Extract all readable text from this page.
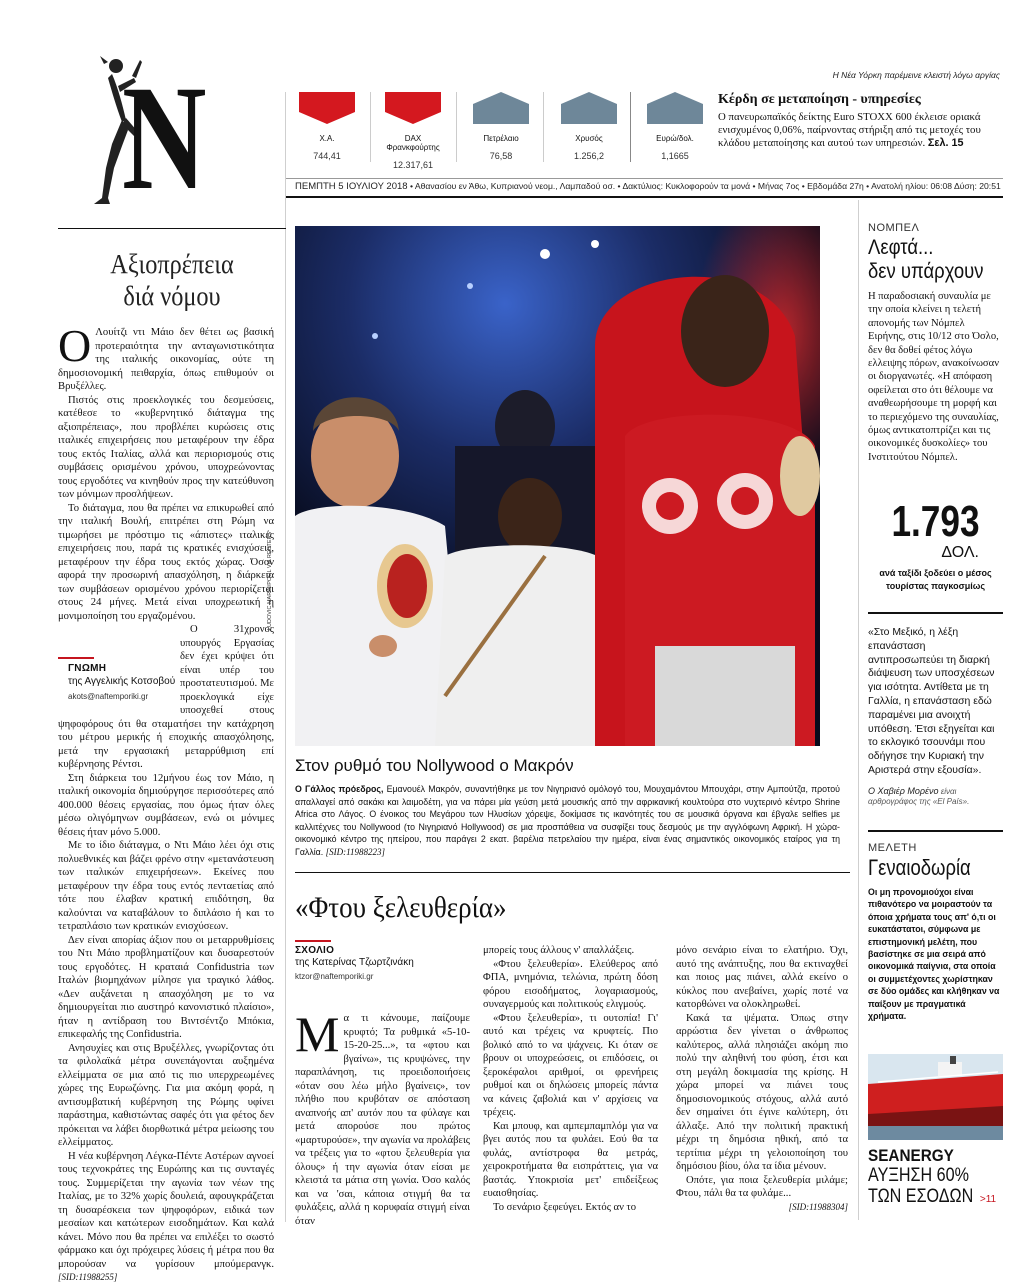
N	Η Νέα Υόρκη παρέμεινε κλειστή λόγω αργίας
Χ.Α.
744,41
DAX Φρανκφούρτης
12.317,61
Πετρέλαιο
76,58
Χρυσός
1.256,2
Ευρώ/δολ.
1,1665
Κέρδη σε μεταποίηση - υπηρεσίες
Ο πανευρωπαϊκός δείκτης Euro STOXX 600 έκλεισε οριακά ενισχυμένος 0,06%, παίρνοντας στήριξη από τις μετοχές του κλάδου μεταποίησης και αυτού των υπηρεσιών. Σελ. 15
ΠΕΜΠΤΗ 5 ΙΟΥΛΙΟΥ 2018 • Αθανασίου εν Άθω, Κυπριανού νεομ., Λαμπαδού οσ. • Δακτύλιος: Κυκλοφορούν τα μονά • Μήνας 7ος • Εβδομάδα 27η • Ανατολή ηλίου: 06:08 Δύση: 20:51
Αξιοπρέπεια
διά νόμου

O Λουίτζι ντι Μάιο δεν θέτει ως βασική προτεραιότητα την ανταγωνιστικότητα της ιταλικής οικονομίας, ούτε τη δημοσιονομική πειθαρχία, όπως επιθυμούν οι Βρυξέλλες.

Πιστός στις προεκλογικές του δεσμεύσεις, κατέθεσε το «κυβερνητικό διάταγμα της αξιοπρέπειας», που προβλέπει κυρώσεις στις ιταλικές επιχειρήσεις που μεταφέρουν την έδρα τους εκτός Ιταλίας, αλλά και περιορισμούς στις συμβάσεις ορισμένου χρόνου, υποχρεώνοντας τους εργοδότες να κινηθούν προς την κατεύθυνση των μόνιμων προσλήψεων.

Το διάταγμα, που θα πρέπει να επικυρωθεί από την ιταλική Βουλή, επιτρέπει στη Ρώμη να τιμωρήσει με πρόστιμο τις «άπιστες» ιταλικές επιχειρήσεις που, παρά τις κρατικές ενισχύσεις, μεταφέρουν την έδρα τους εκτός χώρας. Όσον αφορά την προσωρινή απασχόληση, η διάρκεια των συμβάσεων ορισμένου χρόνου περιορίζεται στους 24 μήνες. Μετά είναι υποχρεωτική η μονιμοποίηση του εργαζομένου.

ΓΝΩΜΗ
της Αγγελικής Κοτσοβού
akots@naftemporiki.gr
Ο 31χρονος υπουργός Εργασίας δεν έχει κρύψει ότι είναι υπέρ του προστατευτισμού. Με προεκλογικά είχε υποσχεθεί στους ψηφοφόρους ότι θα σταματήσει την κατάχρηση του μέτρου μερικής ή εποχικής απασχόλησης, μετά την εργασιακή μεταρρύθμιση επί κυβέρνησης Ρέντσι.

Στη διάρκεια του 12μήνου έως τον Μάιο, η ιταλική οικονομία δημιούργησε περισσότερες από 400.000 θέσεις εργασίας, που όμως ήταν όλες μέσω ολιγόμηνων συμβάσεων, ενώ οι μόνιμες θέσεις ήταν μόνο 5.000.

Με το ίδιο διάταγμα, ο Ντι Μάιο λέει όχι στις πολυεθνικές και βάζει φρένο στην «μετανάστευση των ιταλικών επιχειρήσεων». Εκείνες που μεταφέρουν την έδρα τους εντός πενταετίας από τότε που έλαβαν κρατική επιδότηση, θα καλούνται να καταβάλουν το διπλάσιο ή και το τετραπλάσιο των κρατικών ενισχύσεων.

Δεν είναι απορίας άξιον που οι μεταρρυθμίσεις του Ντι Μάιο προβληματίζουν και δυσαρεστούν τους εργοδότες. Η κραταιά Confidustria των Ιταλών βιομηχάνων μίλησε για τραγικό λάθος. «Δεν αυξάνεται η απασχόληση με το να δημιουργείται πιο αυστηρό κανονιστικό πλαίσιο», ήταν η αντίδραση του Βιντσέντζο Μπόκια, επικεφαλής της Confidustria.

Ανησυχίες και στις Βρυξέλλες, γνωρίζοντας ότι τα φιλολαϊκά μέτρα συνεπάγονται αυξημένα ελλείμματα σε μια από τις πιο υπερχρεωμένες χώρες της Ευρωζώνης. Για μια ακόμη φορά, η αντισυμβατική κυβέρνηση της Ρώμης υφίνει παράστημα, καθιστώντας σαφές ότι για φέτος δεν πρόκειται να λάβει διορθωτικά μέτρα μείωσης του ελλείμματος.

Η νέα κυβέρνηση Λέγκα-Πέντε Αστέρων αγνοεί τους τεχνοκράτες της Ευρώπης και τις συνταγές τους. Συμμερίζεται την αγωνία των νέων της Ιταλίας, με το 32% χωρίς δουλειά, αφουγκράζεται τη δυσαρέσκεια των ψηφοφόρων, ειδικά των μεσαίων και κατώτερων εισοδημάτων. Και καλά κάνει. Μόνο που θα πρέπει να επιλέξει το σωστό φάρμακο και όχι πρόχειρες λύσεις ή μέτρα που θα μπορούσαν να γυρίσουν μπούμερανγκ. [SID:11988255]

LUDOVIC MARIN/POOL VIA REUTERS
Στον ρυθμό του Nollywood ο Μακρόν
Ο Γάλλος πρόεδρος, Εμανουέλ Μακρόν, συναντήθηκε με τον Νιγηριανό ομόλογό του, Μουχαμάντου Μπουχάρι, στην Αμπούτζα, προτού απαλλαγεί από σακάκι και λαιμοδέτη, για να πάρει μία γεύση μετά μουσικής από την αφρικανική κουλτούρα στο νυχτερινό κέντρο Shrine Africa στο Λάγος. Ο ένοικος του Μεγάρου των Ηλυσίων χόρεψε, δοκίμασε τις ικανότητές του σε μουσικά όργανα και έβγαλε selfies με καλλιτέχνες του Nollywood (το Νιγηριανό Hollywood) σε μια προσπάθεια να συσφίξει τους δεσμούς με την αγγλόφωνη Αφρική. Η χώρα-οικονομικό κέντρο της ηπείρου, που παράγει 2 εκατ. βαρέλια πετρελαίου την ημέρα, είναι ένας σημαντικός οικονομικός εταίρος για τη Γαλλία. [SID:11988223]
«Φτου ξελευθερία»
ΣΧΟΛΙΟ
της Κατερίνας Τζωρτζινάκη
ktzor@naftemporiki.gr

Mα τι κάνουμε, παίζουμε κρυφτό; Τα ρυθμικά «5-10-15-20-25...», τα «φτου και βγαίνω», τις κρυψώνες, την παραπλάνηση, τις προειδοποιήσεις «όταν σου λέω μήλο βγαίνεις», τον πλήθιο που κρυβόταν σε απόσταση αναπνοής απ' αυτόν που τα φύλαγε και μετά απορούσε που πρώτος «μαρτυρούσε», την αγωνία να προλάβεις να τρέξεις για το «φτου ξελευθερία για όλους» ή την αγωνία όταν είσαι με κλειστά τα μάτια στη γωνία. Όσο καλός και να 'σαι, κάποια στιγμή θα τα φυλάξεις, αλλά η κορυφαία στιγμή είναι όταν

μπορείς τους άλλους ν' απαλλάξεις.

«Φτου ξελευθερία». Ελεύθερος από ΦΠΑ, μνημόνια, τελώνια, πρώτη δόση φόρου εισοδήματος, λογαριασμούς, συναγερμούς και πολιτικούς ελιγμούς.

«Φτου ξελευθερία», τι ουτοπία! Γι' αυτό και τρέχεις να κρυφτείς. Πιο βολικό από το να ψάχνεις. Κι όταν σε βρουν οι υποχρεώσεις, οι επιδόσεις, οι ξεροκέφαλοι αριθμοί, οι φρενήρεις ρυθμοί και οι δηλώσεις μπορείς πάντα να κάνεις ζαβολιά και ν' αρχίσεις να τρέχεις.

Και μπουφ, και αμπεμπαμπλόμ για να βγει αυτός που τα φυλάει. Εσύ θα τα φυλάς, αντίστροφα θα μετράς, χειροκροτήματα θα εισπράττεις, για να βαστάς. Υποκρισία μετ' επιδείξεως ευαισθησίας.

Το σενάριο ξεφεύγει. Εκτός αν το

μόνο σενάριο είναι το ελατήριο. Όχι, αυτό της ανάπτυξης, που θα εκτιναχθεί και ποιος μας πιάνει, αλλά εκείνο ο κύκλος που ανεβαίνει, χωρίς ποτέ να κατορθώνει να ολοκληρωθεί.

Κακά τα ψέματα. Όπως στην αρρώστια δεν γίνεται ο άνθρωπος καλύτερος, αλλά πλησιάζει ακόμη πιο πολύ την αληθινή του φύση, έτσι και στη μεγάλη δοκιμασία της κρίσης. Η χώρα μπορεί να πιάνει τους δημοσιονομικούς στόχους, αλλά αυτό δεν σημαίνει ότι έγινε καλύτερη, ότι άλλαξε. Από την πολιτική πρακτική μέχρι τη δημόσια ηθική, από τα τερτίπια μέχρι τη γελοιοποίηση του δημόσιου βίου, όλα τα ίδια μένουν.

Οπότε, για ποια ξελευθερία μιλάμε; Φτου, πάλι θα τα φυλάμε...

[SID:11988304]

ΝΟΜΠΕΛ
Λεφτά...
δεν υπάρχουν
Η παραδοσιακή συναυλία με την οποία κλείνει η τελετή απονομής των Νόμπελ Ειρήνης, στις 10/12 στο Όσλο, δεν θα δοθεί φέτος λόγω ελλειψης πόρων, ανακοίνωσαν οι διοργανωτές. «Η απόφαση οφείλεται στο ότι θέλουμε να αναθεωρήσουμε τη μορφή και το περιεχόμενο της συναυλίας, όμως αντικατοπτρίζει και τις οικονομικές δυσκολίες» του Ινστιτούτου Νόμπελ.
1.793
ΔΟΛ.
ανά ταξίδι ξοδεύει ο μέσος τουρίστας παγκοσμίως
«Στο Μεξικό, η λέξη επανάσταση αντιπροσωπεύει τη διαρκή διάψευση των υποσχέσεων για ισότητα. Αντίθετα με τη Γαλλία, η επανάσταση εδώ παραμένει μια ανοιχτή υπόθεση. Έτσι εξηγείται και το εκλογικό τσουνάμι που οδήγησε την Κυριακή την Αριστερά στην εξουσία».
Ο Χαβιέρ Μορένο είναι αρθρογράφος της «El País».
ΜΕΛΕΤΗ
Γεναιοδωρία
Οι μη προνομιούχοι είναι πιθανότερο να μοιραστούν τα όποια χρήματα τους απ' ό,τι οι ευκατάστατοι, σύμφωνα με επιστημονική μελέτη, που βασίστηκε σε μια σειρά από οικονομικά παίγνια, στα οποία οι συμμετέχοντες χωρίστηκαν σε δύο ομάδες και κλήθηκαν να παίξουν με πραγματικά χρήματα.
SEANERGY
ΑΥΞΗΣΗ 60%
ΤΩΝ ΕΣΟΔΩΝ >11
